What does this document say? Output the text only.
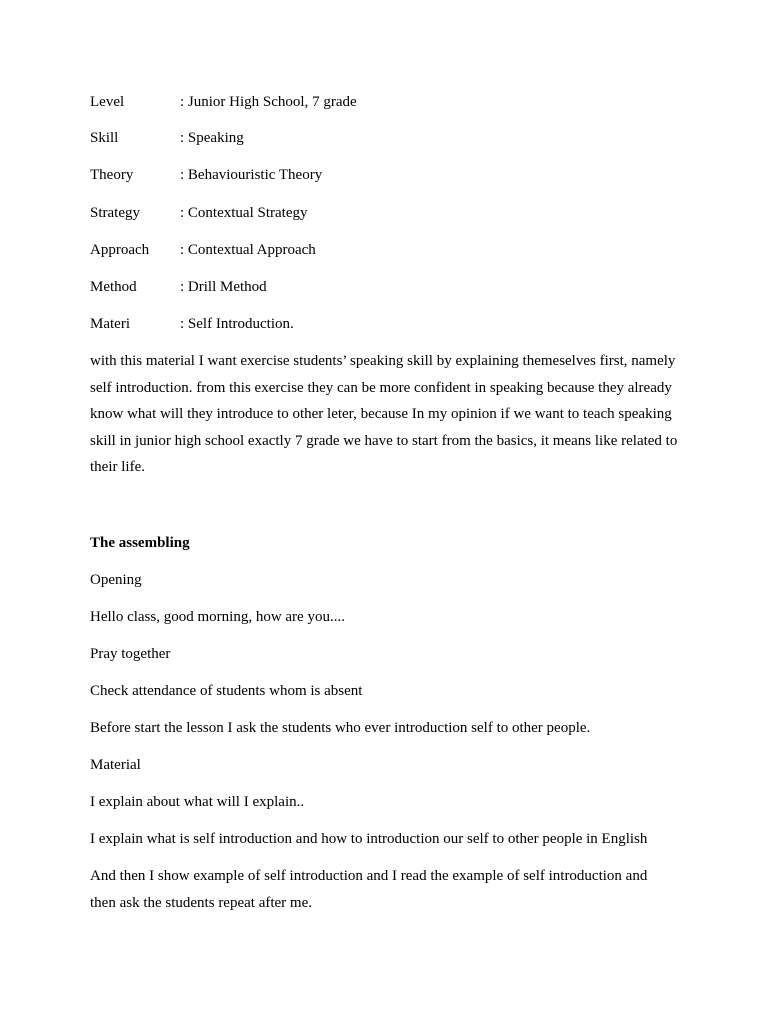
Level	: Junior High School, 7 grade
Skill	: Speaking
Theory	: Behaviouristic Theory
Strategy	: Contextual Strategy
Approach : Contextual Approach
Method	: Drill Method
Materi	: Self Introduction.
with this material I want exercise students’ speaking skill by explaining themeselves first, namely self introduction. from this exercise they can be more confident in speaking because they already know what will they introduce to other leter, because In my opinion if we want to teach speaking skill in junior high school exactly 7 grade we have to start from the basics, it means like related to their life.
The assembling
Opening
Hello class, good morning, how are you....
Pray together
Check attendance of students whom is absent
Before start the lesson I ask the students who ever introduction self to other people.
Material
I explain about what will I explain..
I explain what is self introduction and how to introduction our self to other people in English
And then I show example of self introduction and I read the example of self introduction and then ask the students repeat after me.
